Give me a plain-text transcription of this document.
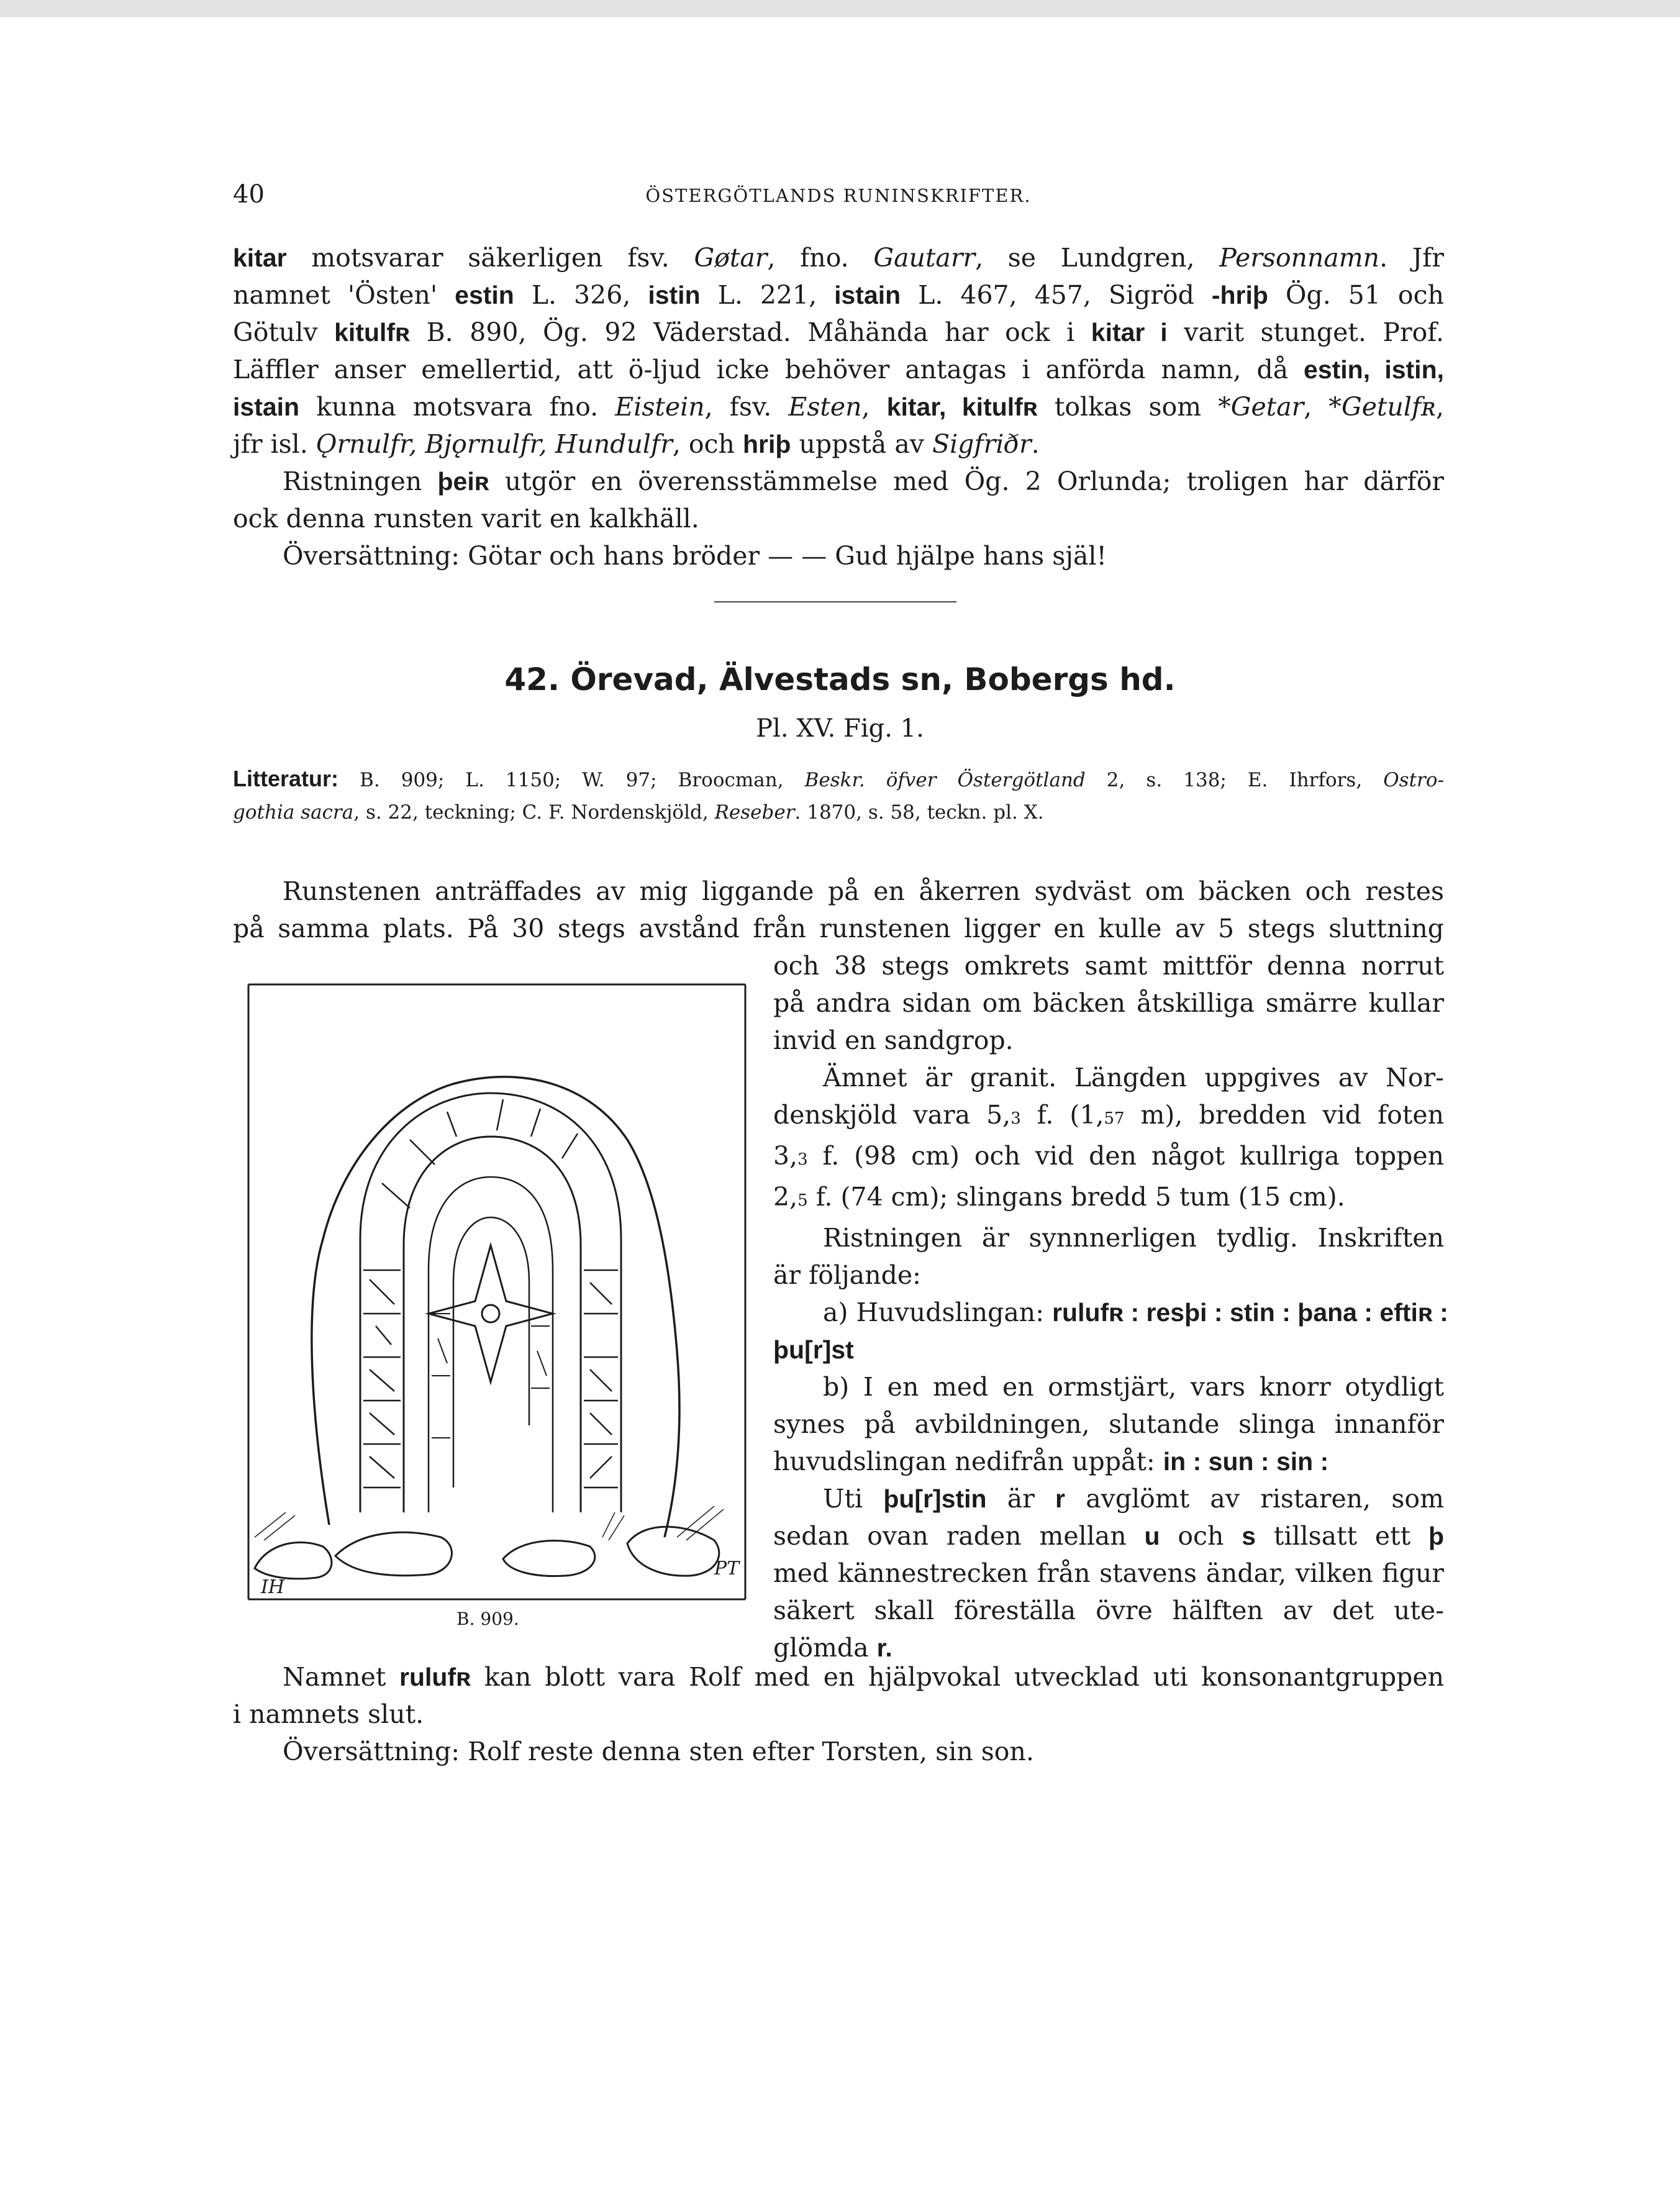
40	ÖSTERGÖTLANDS RUNINSKRIFTER.
kitar motsvarar säkerligen fsv. Gøtar, fno. Gautarr, se Lundgren, Personnamn. Jfr
namnet 'Östen' estin L. 326, istin L. 221, istain L. 467, 457, Sigröd -hriþ Ög. 51 och
Götulv kitulfʀ B. 890, Ög. 92 Väderstad. Måhända har ock i kitar i varit stunget. Prof.
Läffler anser emellertid, att ö-ljud icke behöver antagas i anförda namn, då estin, istin,
istain kunna motsvara fno. Eistein, fsv. Esten, kitar, kitulfʀ tolkas som *Getar, *Getulfʀ,
jfr isl. Ǫrnulfr, Bjǫrnulfr, Hundulfr, och hriþ uppstå av Sigfriðr.
Ristningen þeiʀ utgör en överensstämmelse med Ög. 2 Orlunda; troligen har därför
ock denna runsten varit en kalkhäll.
Översättning: Götar och hans bröder — — Gud hjälpe hans själ!
42. Örevad, Älvestads sn, Bobergs hd.
Pl. XV. Fig. 1.
Litteratur: B. 909; L. 1150; W. 97; Broocman, Beskr. öfver Östergötland 2, s. 138; E. Ihrfors, Ostro-
gothia sacra, s. 22, teckning; C. F. Nordenskjöld, Reseber. 1870, s. 58, teckn. pl. X.
Runstenen anträffades av mig liggande på en åkerren sydväst om bäcken och restes
på samma plats. På 30 stegs avstånd från runstenen ligger en kulle av 5 stegs sluttning
och 38 stegs omkrets samt mittför denna norrut
på andra sidan om bäcken åtskilliga smärre kullar
invid en sandgrop.
Ämnet är granit. Längden uppgives av Nor-
denskjöld vara 5,3 f. (1,57 m), bredden vid foten
3,3 f. (98 cm) och vid den något kullriga toppen
2,5 f. (74 cm); slingans bredd 5 tum (15 cm).
Ristningen är synnnerligen tydlig. Inskriften
är följande:
a) Huvudslingan: rulufʀ : resþi : stin : þana : eftiʀ :
þu[r]st
b) I en med en ormstjärt, vars knorr otydligt
synes på avbildningen, slutande slinga innanför
huvudslingan nedifrån uppåt: in : sun : sin :
Uti þu[r]stin är r avglömt av ristaren, som
sedan ovan raden mellan u och s tillsatt ett þ
med kännestrecken från stavens ändar, vilken figur
säkert skall föreställa övre hälften av det ute-
glömda r.
IH
PT
B. 909.
Namnet rulufʀ kan blott vara Rolf med en hjälpvokal utvecklad uti konsonantgruppen
i namnets slut.
Översättning: Rolf reste denna sten efter Torsten, sin son.
